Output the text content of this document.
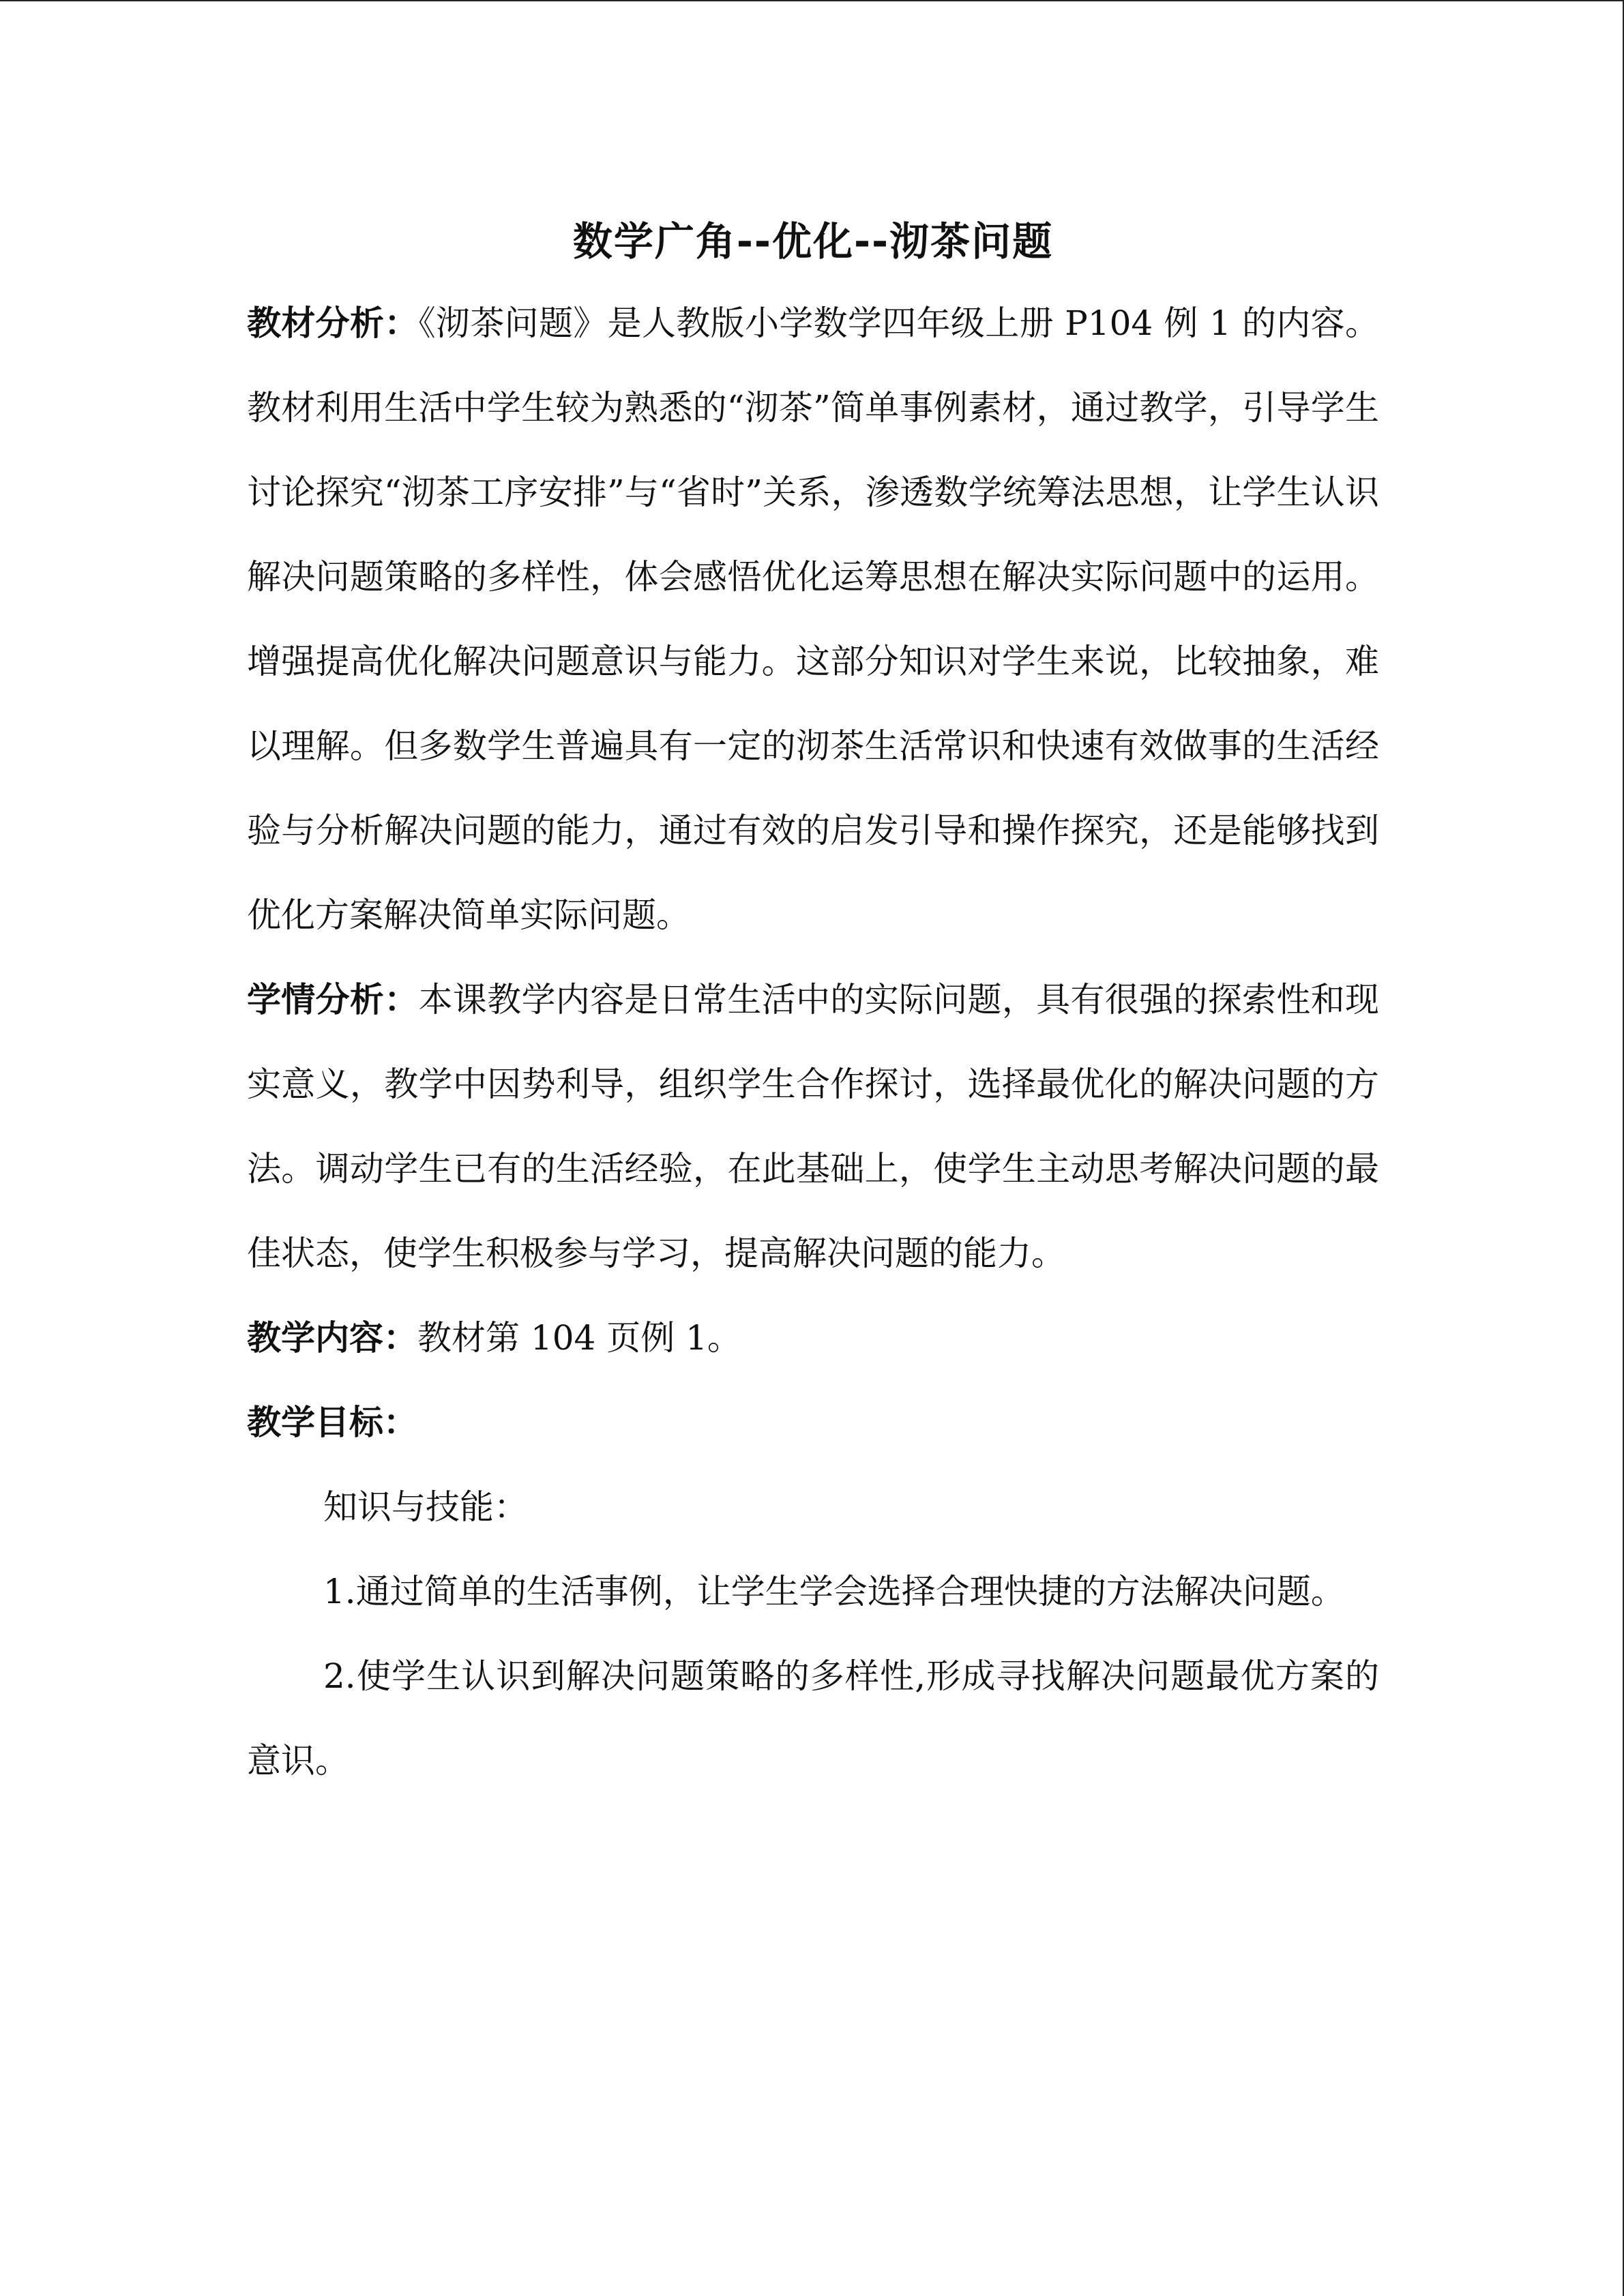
数学广角--优化--沏茶问题

教材分析：《沏茶问题》是人教版小学数学四年级上册 P104 例 1 的内容。教材利用生活中学生较为熟悉的“沏茶”简单事例素材，通过教学，引导学生讨论探究“沏茶工序安排”与“省时”关系，渗透数学统筹法思想，让学生认识解决问题策略的多样性，体会感悟优化运筹思想在解决实际问题中的运用。增强提高优化解决问题意识与能力。这部分知识对学生来说，比较抽象，难以理解。但多数学生普遍具有一定的沏茶生活常识和快速有效做事的生活经验与分析解决问题的能力，通过有效的启发引导和操作探究，还是能够找到优化方案解决简单实际问题。

学情分析：本课教学内容是日常生活中的实际问题，具有很强的探索性和现实意义，教学中因势利导，组织学生合作探讨，选择最优化的解决问题的方法。调动学生已有的生活经验，在此基础上，使学生主动思考解决问题的最佳状态，使学生积极参与学习，提高解决问题的能力。

教学内容：教材第 104 页例 1。

教学目标：

知识与技能：

1.通过简单的生活事例，让学生学会选择合理快捷的方法解决问题。

2.使学生认识到解决问题策略的多样性,形成寻找解决问题最优方案的意识。
